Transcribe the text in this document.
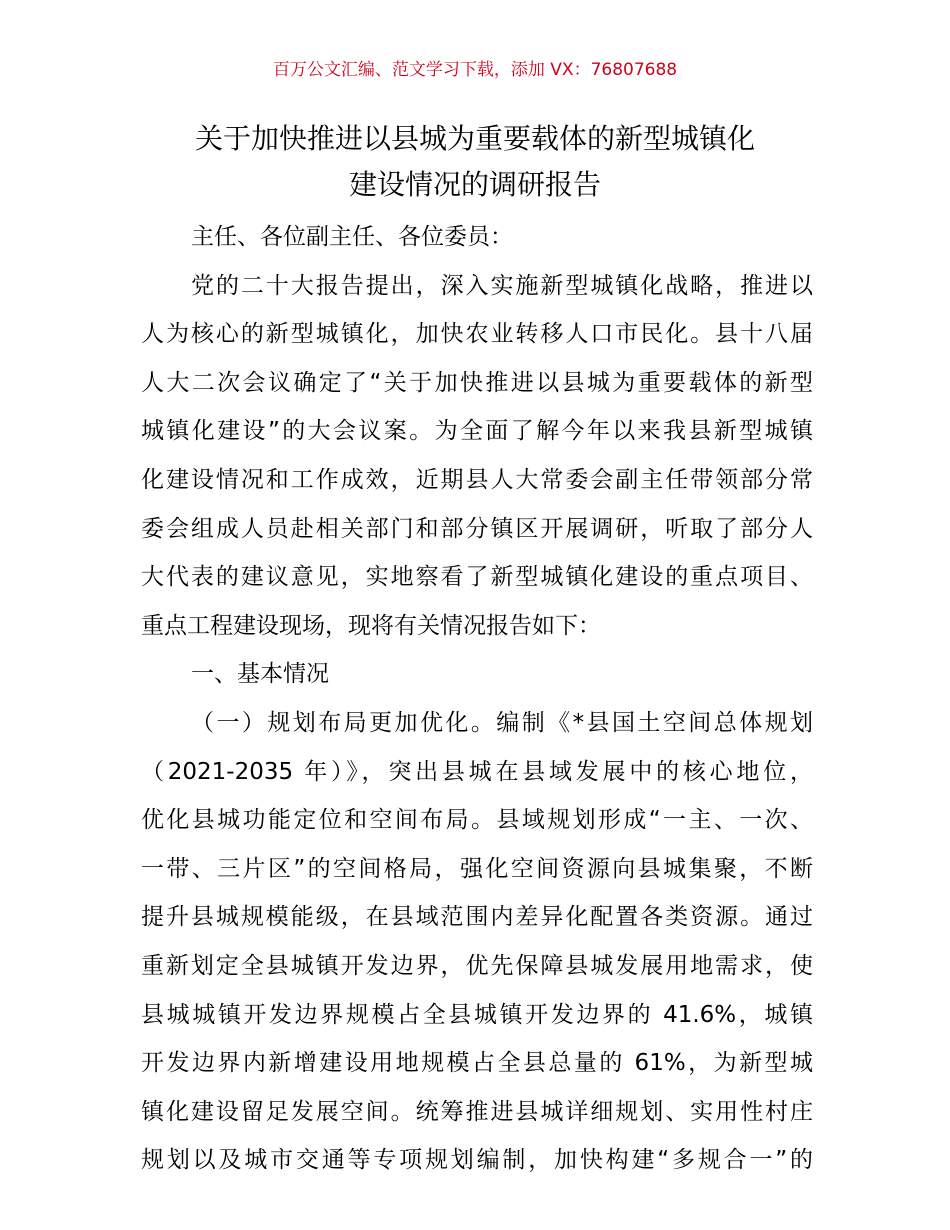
百万公文汇编、范文学习下载，添加 VX：76807688
关于加快推进以县城为重要载体的新型城镇化
建设情况的调研报告
主任、各位副主任、各位委员：
党的二十大报告提出，深入实施新型城镇化战略，推进以
人为核心的新型城镇化，加快农业转移人口市民化。县十八届
人大二次会议确定了“关于加快推进以县城为重要载体的新型
城镇化建设”的大会议案。为全面了解今年以来我县新型城镇
化建设情况和工作成效，近期县人大常委会副主任带领部分常
委会组成人员赴相关部门和部分镇区开展调研，听取了部分人
大代表的建议意见，实地察看了新型城镇化建设的重点项目、
重点工程建设现场，现将有关情况报告如下：
一、基本情况
（一）规划布局更加优化。编制《*县国土空间总体规划
（2021-2035 年）》，突出县城在县域发展中的核心地位，
优化县城功能定位和空间布局。县域规划形成“一主、一次、
一带、三片区”的空间格局，强化空间资源向县城集聚，不断
提升县城规模能级，在县域范围内差异化配置各类资源。通过
重新划定全县城镇开发边界，优先保障县城发展用地需求，使
县城城镇开发边界规模占全县城镇开发边界的 41.6%，城镇
开发边界内新增建设用地规模占全县总量的 61%，为新型城
镇化建设留足发展空间。统筹推进县城详细规划、实用性村庄
规划以及城市交通等专项规划编制，加快构建“多规合一”的
